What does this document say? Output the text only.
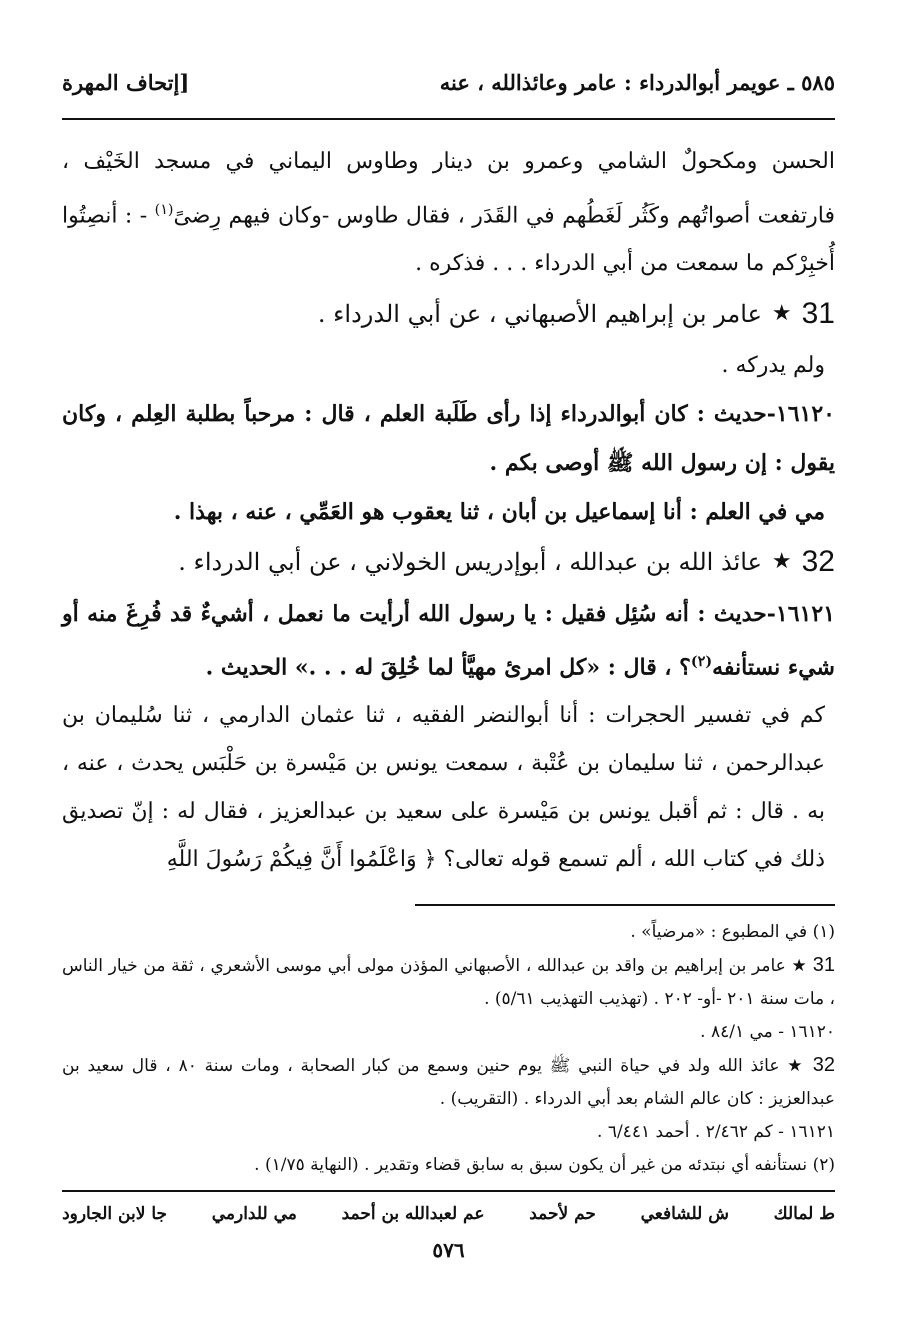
٥٨٥ ـ عويمر أبوالدرداء : عامر وعائذالله ، عنه
[إتحاف المهرة

الحسن ومكحولٌ الشامي وعمرو بن دينار وطاوس اليماني في مسجد الخَيْف ، فارتفعت أصواتُهم وكَثُر لَغَطُهم في القَدَر ، فقال طاوس -وكان فيهم رِضىً$^{(١)}$ - : أنصِتُوا أُخبِرْكم ما سمعت من أبي الدرداء . . . فذكره .

31
★
عامر بن إبراهيم الأصبهاني ، عن أبي الدرداء .

ولم يدركه .

١٦١٢٠-حديث : كان أبوالدرداء إذا رأى طَلَبة العلم ، قال : مرحباً بطلبة العِلم ، وكان يقول : إن رسول الله ﷺ أوصى بكم .

مي في العلم : أنا إسماعيل بن أبان ، ثنا يعقوب هو العَمِّي ، عنه ، بهذا .

32
★
عائذ الله بن عبدالله ، أبوإدريس الخولاني ، عن أبي الدرداء .

١٦١٢١-حديث : أنه سُئِل فقيل : يا رسول الله أرأيت ما نعمل ، أشيءٌ قد فُرِغَ منه أو شيء نستأنفه$^{(٢)}$؟ ، قال : «كل امرئ مهيَّأ لما خُلِقَ له . . .» الحديث .

كم في تفسير الحجرات : أنا أبوالنضر الفقيه ، ثنا عثمان الدارمي ، ثنا سُليمان بن عبدالرحمن ، ثنا سليمان بن عُتْبة ، سمعت يونس بن مَيْسرة بن حَلْبَس يحدث ، عنه ، به . قال : ثم أقبل يونس بن مَيْسرة على سعيد بن عبدالعزيز ، فقال له : إنّ تصديق ذلك في كتاب الله ، ألم تسمع قوله تعالى؟ ﴿ وَاعْلَمُوا أَنَّ فِيكُمْ رَسُولَ اللَّهِ

(١) في المطبوع : «مرضياً» .

31 ★ عامر بن إبراهيم بن واقد بن عبدالله ، الأصبهاني المؤذن مولى أبي موسى الأشعري ، ثقة من خيار الناس ، مات سنة ٢٠١ -أو- ٢٠٢ . (تهذيب التهذيب ٥/٦١) .

١٦١٢٠ - مي ٨٤/١ .

32 ★ عائذ الله ولد في حياة النبي ﷺ يوم حنين وسمع من كبار الصحابة ، ومات سنة ٨٠ ، قال سعيد بن عبدالعزيز : كان عالم الشام بعد أبي الدرداء . (التقريب) .

١٦١٢١ - كم ٢/٤٦٢ . أحمد ٦/٤٤١ .

(٢) نستأنفه أي نبتدئه من غير أن يكون سبق به سابق قضاء وتقدير . (النهاية ١/٧٥) .

ط لمالك
ش للشافعي
حم لأحمد
عم لعبدالله بن أحمد
مي للدارمي
جا لابن الجارود
٥٧٦
